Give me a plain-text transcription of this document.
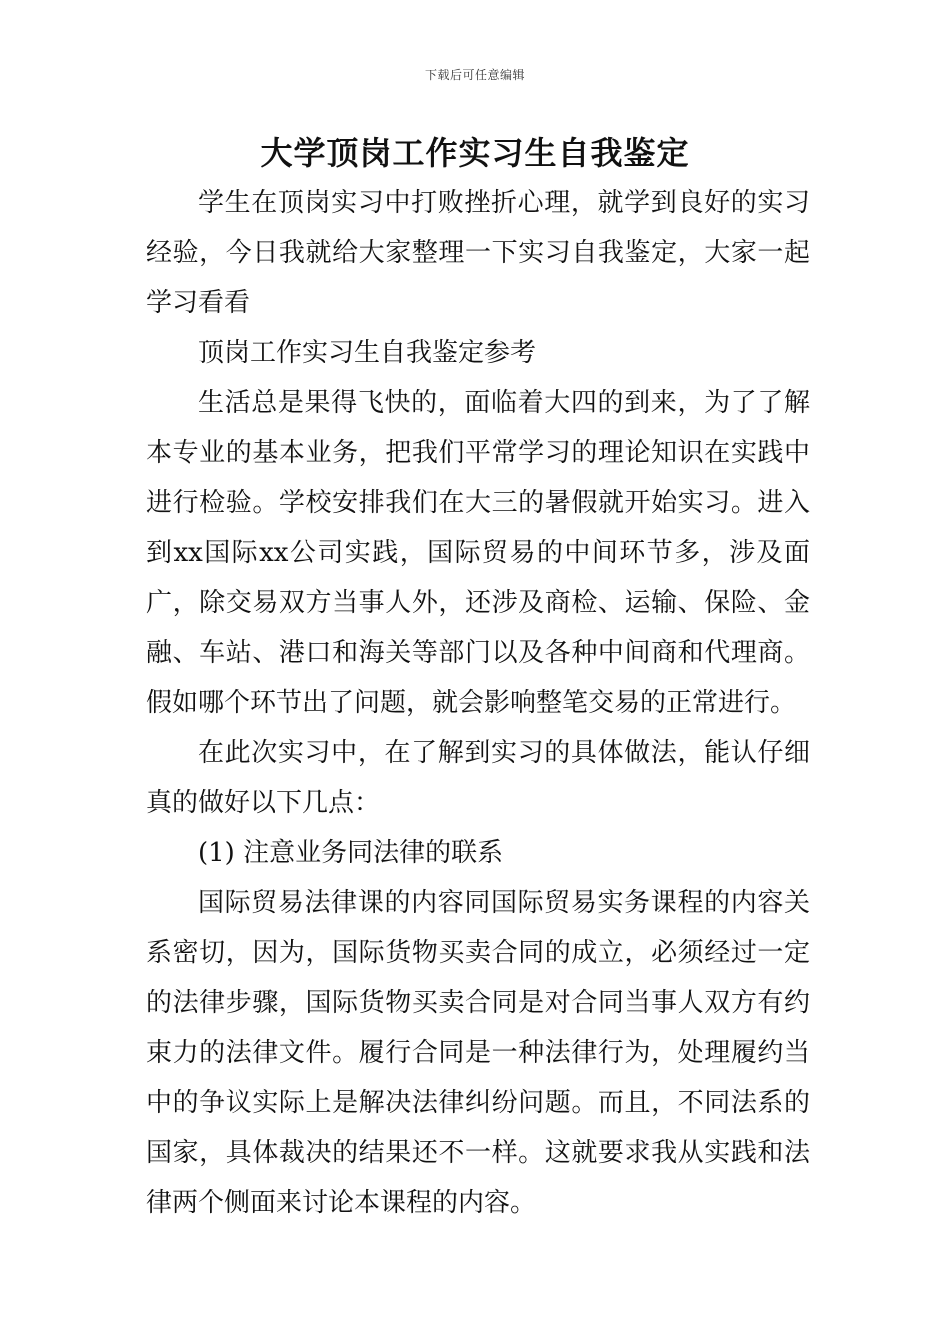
下载后可任意编辑
大学顶岗工作实习生自我鉴定

学生在顶岗实习中打败挫折心理，就学到良好的实习经验，今日我就给大家整理一下实习自我鉴定，大家一起学习看看

顶岗工作实习生自我鉴定参考

生活总是果得飞快的，面临着大四的到来，为了了解本专业的基本业务，把我们平常学习的理论知识在实践中进行检验。学校安排我们在大三的暑假就开始实习。进入到xx国际xx公司实践，国际贸易的中间环节多，涉及面广，除交易双方当事人外，还涉及商检、运输、保险、金融、车站、港口和海关等部门以及各种中间商和代理商。假如哪个环节出了问题，就会影响整笔交易的正常进行。

在此次实习中，在了解到实习的具体做法，能认仔细真的做好以下几点：

(1) 注意业务同法律的联系

国际贸易法律课的内容同国际贸易实务课程的内容关系密切，因为，国际货物买卖合同的成立，必须经过一定的法律步骤，国际货物买卖合同是对合同当事人双方有约束力的法律文件。履行合同是一种法律行为，处理履约当中的争议实际上是解决法律纠纷问题。而且，不同法系的国家，具体裁决的结果还不一样。这就要求我从实践和法律两个侧面来讨论本课程的内容。
